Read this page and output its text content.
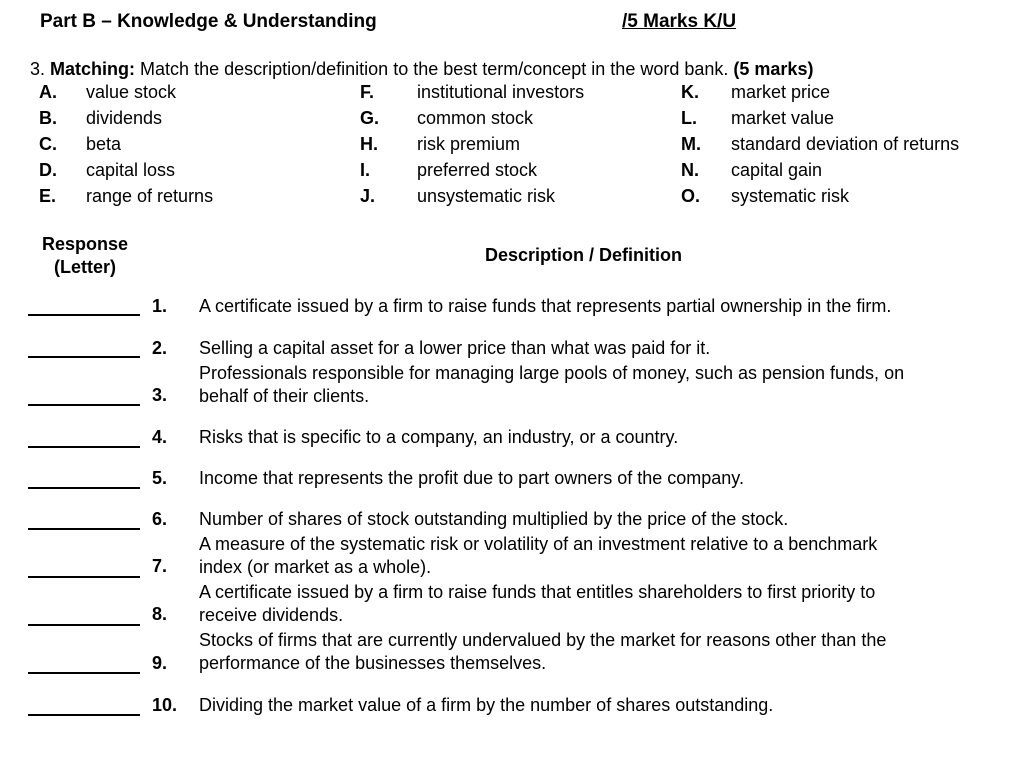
Part B – Knowledge & Understanding	/5 Marks K/U
3. Matching: Match the description/definition to the best term/concept in the word bank. (5 marks)
A. value stock
B. dividends
C. beta
D. capital loss
E. range of returns
F. institutional investors
G. common stock
H. risk premium
I.	preferred stock
J. unsystematic risk
K. market price
L. market value
M. standard deviation of returns
N. capital gain
O. systematic risk
Response (Letter)
Description / Definition
1. A certificate issued by a firm to raise funds that represents partial ownership in the firm.
2. Selling a capital asset for a lower price than what was paid for it.
3.
Professionals responsible for managing large pools of money, such as pension funds, on
behalf of their clients.
4. Risks that is specific to a company, an industry, or a country.
5. Income that represents the profit due to part owners of the company.
6. Number of shares of stock outstanding multiplied by the price of the stock.
7.
A measure of the systematic risk or volatility of an investment relative to a benchmark
index (or market as a whole).
8.
A certificate issued by a firm to raise funds that entitles shareholders to first priority to
receive dividends.
9.
Stocks of firms that are currently undervalued by the market for reasons other than the
performance of the businesses themselves.
10. Dividing the market value of a firm by the number of shares outstanding.
